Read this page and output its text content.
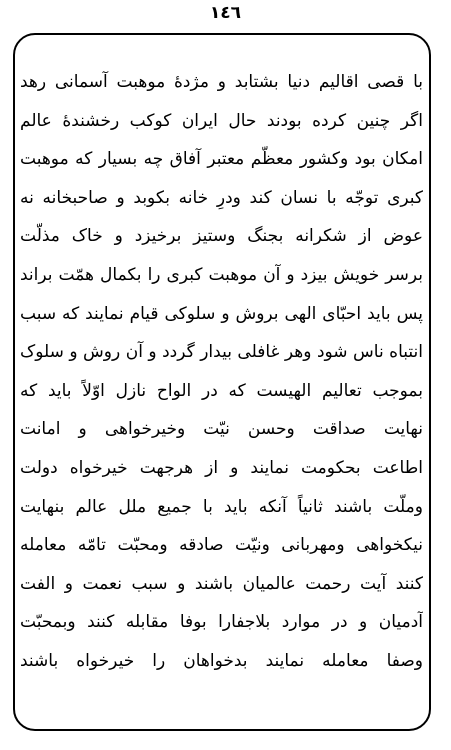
١٤٦
با قصی اقالیم دنیا بشتابد و مژدهٔ موهبت آسمانی رهد
اگر چنین کرده بودند حال ایران کوکب رخشندهٔ عالم
امکان بود وکشور معظّم معتبر آفاق چه بسیار که موهبت
کبری توجّه با نسان کند ودرِ خانه بکوبد و صاحبخانه نه
عوض از شکرانه بجنگ وستیز برخیزد و خاک مذلّت
برسر خویش بیزد و آن موهبت کبری را بکمال همّت براند
پس باید احبّای الهی بروش و سلوکی قیام نمایند که سبب
انتباه ناس شود وهر غافلی بیدار گردد و آن روش و سلوک
بموجب تعالیم الهیست که در الواح نازل اوّلاً باید که
نهایت صداقت وحسن نیّت وخیرخواهی و امانت
اطاعت بحکومت نمایند و از هرجهت خیرخواه دولت
وملّت باشند ثانیاً آنکه باید با جمیع ملل عالم بنهایت
نیکخواهی ومهربانی ونیّت صادقه ومحبّت تامّه معامله
کنند آیت رحمت عالمیان باشند و سبب نعمت و الفت
آدمیان و در موارد بلاجفارا بوفا مقابله کنند وبمحبّت
وصفا معامله نمایند بدخواهان را خیرخواه باشند
